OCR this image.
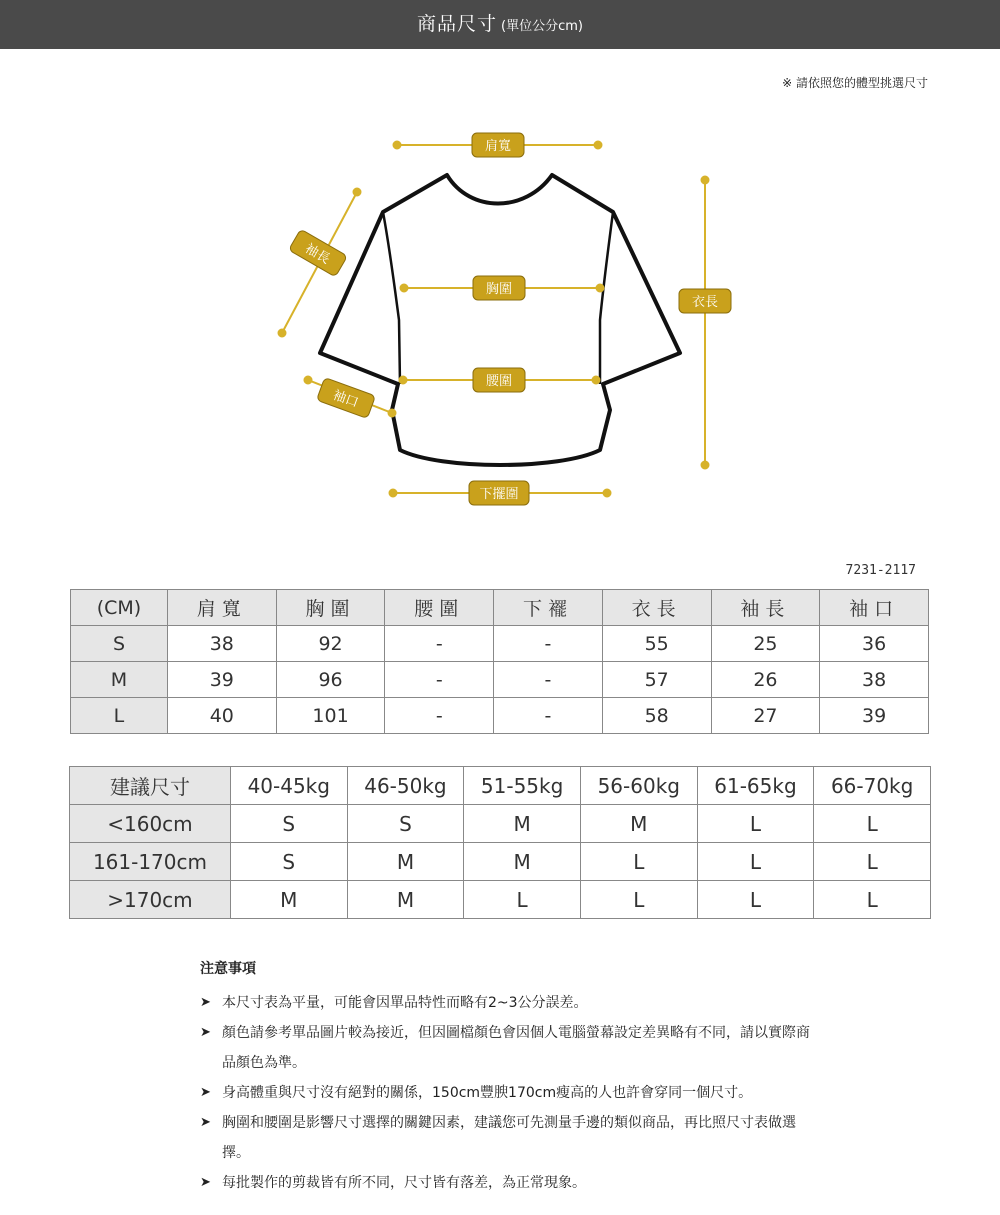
商品尺寸 (單位公分cm)
※ 請依照您的體型挑選尺寸
肩寬
袖長
胸圍
衣長
腰圍
袖口
下擺圍
7231-2117
(CM)	肩寬	胸圍	腰圍	下襬	衣長	袖長	袖口
S	38	92	-	-	55	25	36
M	39	96	-	-	57	26	38
L	40	101	-	-	58	27	39
建議尺寸	40-45kg	46-50kg	51-55kg	56-60kg	61-65kg	66-70kg
<160cm	S	S	M	M	L	L
161-170cm	S	M	M	L	L	L
>170cm	M	M	L	L	L	L
注意事項
➤ 本尺寸表為平量，可能會因單品特性而略有2~3公分誤差。
➤ 顏色請參考單品圖片較為接近，但因圖檔顏色會因個人電腦螢幕設定差異略有不同，請以實際商品顏色為準。
➤ 身高體重與尺寸沒有絕對的關係，150cm豐腴170cm瘦高的人也許會穿同一個尺寸。
➤ 胸圍和腰圍是影響尺寸選擇的關鍵因素，建議您可先測量手邊的類似商品，再比照尺寸表做選擇。
➤ 每批製作的剪裁皆有所不同，尺寸皆有落差，為正常現象。
